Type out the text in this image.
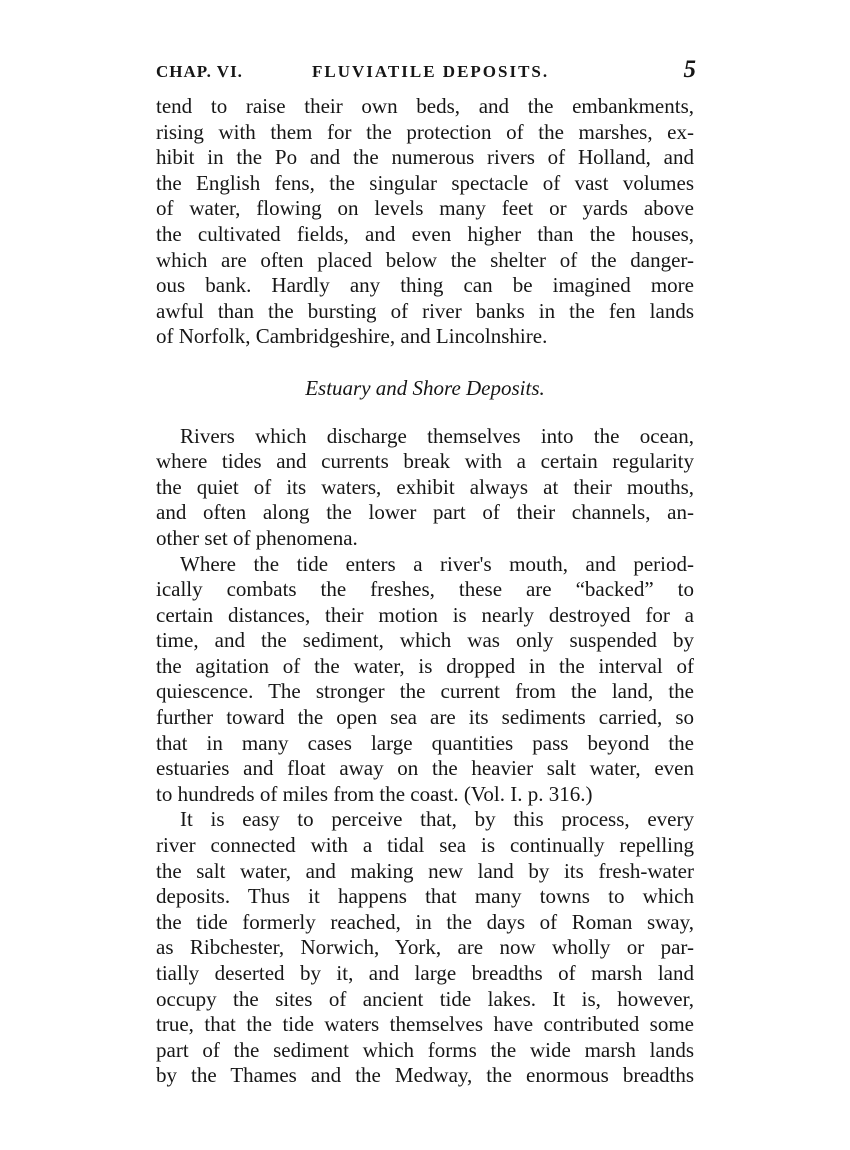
CHAP. VI.	FLUVIATILE DEPOSITS.	5

tend to raise their own beds, and the embankments,

rising with them for the protection of the marshes, ex-

hibit in the Po and the numerous rivers of Holland, and

the English fens, the singular spectacle of vast volumes

of water, flowing on levels many feet or yards above

the cultivated fields, and even higher than the houses,

which are often placed below the shelter of the danger-

ous bank. Hardly any thing can be imagined more

awful than the bursting of river banks in the fen lands

of Norfolk, Cambridgeshire, and Lincolnshire.

Estuary and Shore Deposits.

Rivers which discharge themselves into the ocean,

where tides and currents break with a certain regularity

the quiet of its waters, exhibit always at their mouths,

and often along the lower part of their channels, an-

other set of phenomena.

Where the tide enters a river's mouth, and period-

ically combats the freshes, these are “backed” to

certain distances, their motion is nearly destroyed for a

time, and the sediment, which was only suspended by

the agitation of the water, is dropped in the interval of

quiescence. The stronger the current from the land, the

further toward the open sea are its sediments carried, so

that in many cases large quantities pass beyond the

estuaries and float away on the heavier salt water, even

to hundreds of miles from the coast. (Vol. I. p. 316.)

It is easy to perceive that, by this process, every

river connected with a tidal sea is continually repelling

the salt water, and making new land by its fresh-water

deposits. Thus it happens that many towns to which

the tide formerly reached, in the days of Roman sway,

as Ribchester, Norwich, York, are now wholly or par-

tially deserted by it, and large breadths of marsh land

occupy the sites of ancient tide lakes. It is, however,

true, that the tide waters themselves have contributed some

part of the sediment which forms the wide marsh lands

by the Thames and the Medway, the enormous breadths
